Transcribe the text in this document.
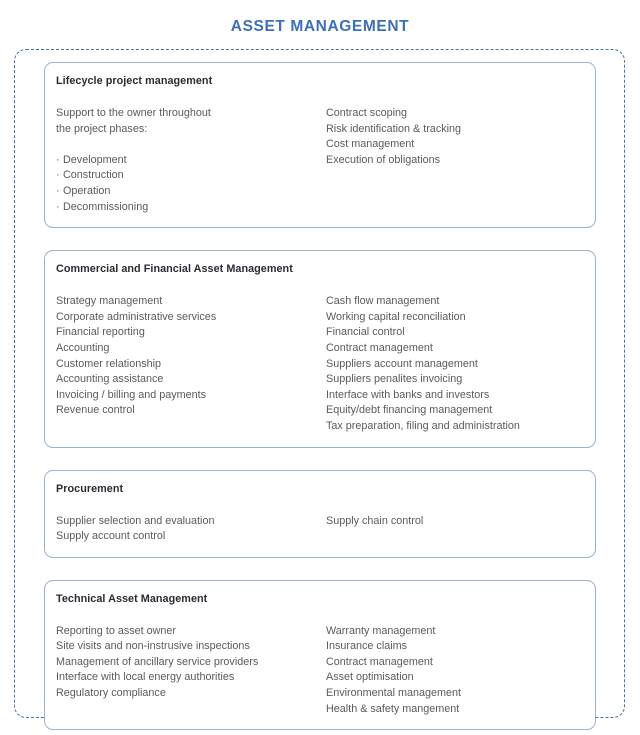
ASSET MANAGEMENT
Lifecycle project management
Support to the owner throughout
the project phases:
· Development
· Construction
· Operation
· Decommissioning
Contract scoping
Risk identification & tracking
Cost management
Execution of obligations
Commercial and Financial Asset Management
Strategy management
Corporate administrative services
Financial reporting
Accounting
Customer relationship
Accounting assistance
Invoicing / billing and payments
Revenue control
Cash flow management
Working capital reconciliation
Financial control
Contract management
Suppliers account management
Suppliers penalites invoicing
Interface with banks and investors
Equity/debt financing management
Tax preparation, filing and administration
Procurement
Supplier selection and evaluation
Supply account control
Supply chain control
Technical Asset Management
Reporting to asset owner
Site visits and non-instrusive inspections
Management of ancillary service providers
Interface with local energy authorities
Regulatory compliance
Warranty management
Insurance claims
Contract management
Asset optimisation
Environmental management
Health & safety mangement
